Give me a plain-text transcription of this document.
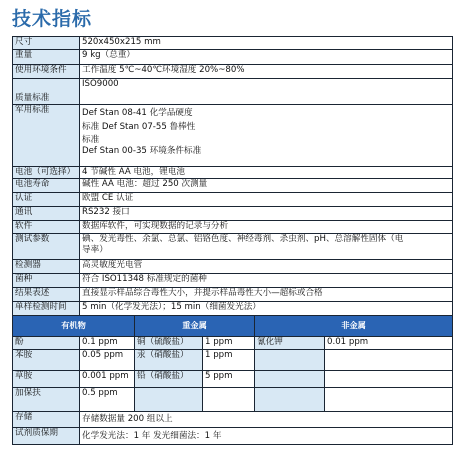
技术指标
尺寸	520x450x215 mm				
重量	9 kg（总重）				
使用环境条件	工作温度 5℃~40℃环境湿度 20%~80%				
质量标准	ISO9000				
军用标准	Def Stan 08-41 化学品硬度
标准 Def Stan 07-55 鲁棒性
标准
Def Stan 00-35 环境条件标准				

电池（可选择）	4 节碱性 AA 电池，锂电池				
电池寿命	碱性 AA 电池：超过 250 次测量				
认证	欧盟 CE 认证				
通讯	RS232 接口				
软件	数据库软件，可实现数据的记录与分析				
测试参数	碘、发光毒性、余氯、总氯、铝铬色度、神经毒剂、杀虫剂、pH、总溶解性固体（电
导率）				

检测器	高灵敏度光电管				
菌种	符合 ISO11348 标准规定的菌种				
结果表述	直接显示样品综合毒性大小，并提示样品毒性大小—超标或合格				
单样检测时间	5 min（化学发光法）；15 min（细菌发光法）				
有机物		重金属		非金属	
酚	0.1 ppm	铜（硫酸盐）	1 ppm	氰化钾	0.01 ppm
苯胺	0.05 ppm	汞（硝酸盐）	1 ppm		
草胺	0.001 ppm	铅（硝酸盐）	5 ppm		
加保扶	0.5 ppm				
存储	存储数据量 200 组以上				
试剂质保期	化学发光法：1 年 发光细菌法：1 年				
